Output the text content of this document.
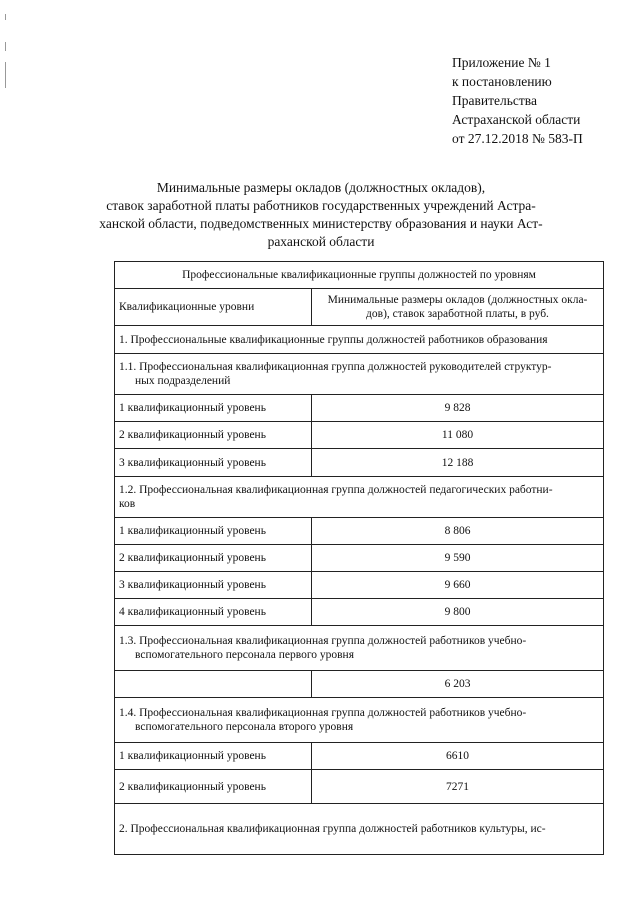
Приложение № 1
к постановлению
Правительства
Астраханской области
от 27.12.2018 № 583-П
Минимальные размеры окладов (должностных окладов),
ставок заработной платы работников государственных учреждений Астра-
ханской области, подведомственных министерству образования и науки Аст-
раханской области
Профессиональные квалификационные группы должностей по уровням	
Квалификационные уровни	Минимальные размеры окладов (должностных окла-дов), ставок заработной платы, в руб.
1. Профессиональные квалификационные группы должностей работников образования	

1.1. Профессиональная квалификационная группа должностей руководителей структур-
ных подразделений	

1 квалификационный уровень	9 828
2 квалификационный уровень	11 080
3 квалификационный уровень	12 188

1.2. Профессиональная квалификационная группа должностей педагогических работни-
ков	

1 квалификационный уровень	8 806
2 квалификационный уровень	9 590
3 квалификационный уровень	9 660
4 квалификационный уровень	9 800

1.3. Профессиональная квалификационная группа должностей работников учебно-
вспомогательного персонала первого уровня	

	6 203

1.4. Профессиональная квалификационная группа должностей работников учебно-
вспомогательного персонала второго уровня	

1 квалификационный уровень	6610
2 квалификационный уровень	7271
2. Профессиональная квалификационная группа должностей работников культуры, ис-	
